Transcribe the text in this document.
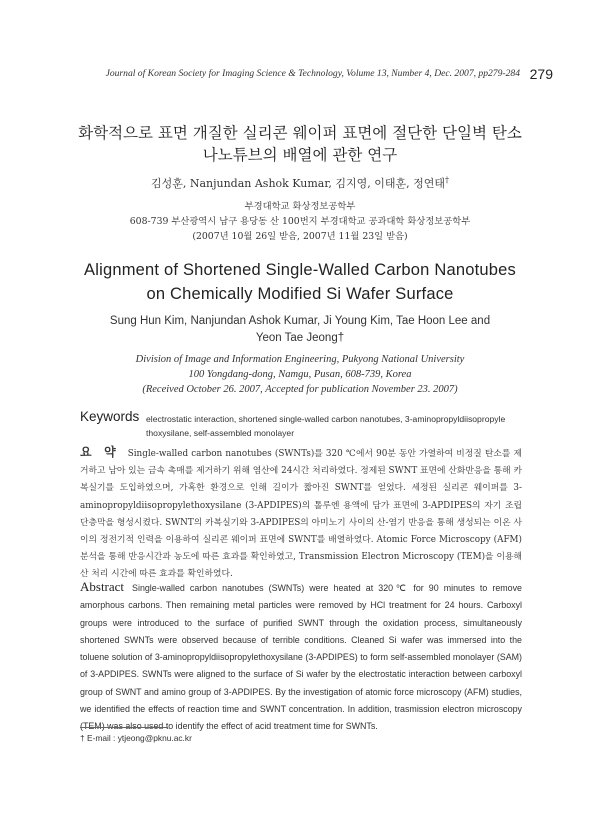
Journal of Korean Society for Imaging Science & Technology, Volume 13, Number 4, Dec. 2007, pp279-284 279
화학적으로 표면 개질한 실리콘 웨이퍼 표면에 절단한 단일벽 탄소
나노튜브의 배열에 관한 연구
김성훈, Nanjundan Ashok Kumar, 김지영, 이태훈, 정연태†
부경대학교 화상정보공학부
608-739 부산광역시 남구 용당동 산 100번지 부경대학교 공과대학 화상정보공학부
(2007년 10월 26일 받음, 2007년 11월 23일 받음)
Alignment of Shortened Single-Walled Carbon Nanotubes
on Chemically Modified Si Wafer Surface
Sung Hun Kim, Nanjundan Ashok Kumar, Ji Young Kim, Tae Hoon Lee and
Yeon Tae Jeong†
Division of Image and Information Engineering, Pukyong National University
100 Yongdang-dong, Namgu, Pusan, 608-739, Korea
(Received October 26. 2007, Accepted for publication November 23. 2007)
Keywords electrostatic interaction, shortened single-walled carbon nanotubes, 3-aminopropyldiisopropyle thoxysilane, self-assembled monolayer
요 약 Single-walled carbon nanotubes (SWNTs)를 320 ℃에서 90분 동안 가열하여 비정질 탄소를 제거하고 남아 있는 금속 촉매를 제거하기 위해 염산에 24시간 처리하였다. 정제된 SWNT 표면에 산화반응을 통해 카복실기를 도입하였으며, 가혹한 환경으로 인해 길이가 짧아진 SWNT를 얻었다. 세정된 실리콘 웨이퍼를 3-aminopropyldiisopropylethoxysilane (3-APDIPES)의 톨루엔 용액에 담가 표면에 3-APDIPES의 자기 조립 단층막을 형성시켰다. SWNT의 카복실기와 3-APDIPES의 아미노기 사이의 산-염기 반응을 통해 생성되는 이온 사이의 정전기적 인력을 이용하여 실리콘 웨이퍼 표면에 SWNT를 배열하였다. Atomic Force Microscopy (AFM) 분석을 통해 반응시간과 농도에 따른 효과를 확인하였고, Transmission Electron Microscopy (TEM)을 이용해 산 처리 시간에 따른 효과를 확인하였다.
Abstract Single-walled carbon nanotubes (SWNTs) were heated at 320℃ for 90 minutes to remove amorphous carbons. Then remaining metal particles were removed by HCl treatment for 24 hours. Carboxyl groups were introduced to the surface of purified SWNT through the oxidation process, simultaneously shortened SWNTs were observed because of terrible conditions. Cleaned Si wafer was immersed into the toluene solution of 3-aminopropyldiisopropylethoxysilane (3-APDIPES) to form self-assembled monolayer (SAM) of 3-APDIPES. SWNTs were aligned to the surface of Si wafer by the electrostatic interaction between carboxyl group of SWNT and amino group of 3-APDIPES. By the investigation of atomic force microscopy (AFM) studies, we identified the effects of reaction time and SWNT concentration. In addition, trasmission electron microscopy (TEM) was also used to identify the effect of acid treatment time for SWNTs.
† E-mail : ytjeong@pknu.ac.kr
